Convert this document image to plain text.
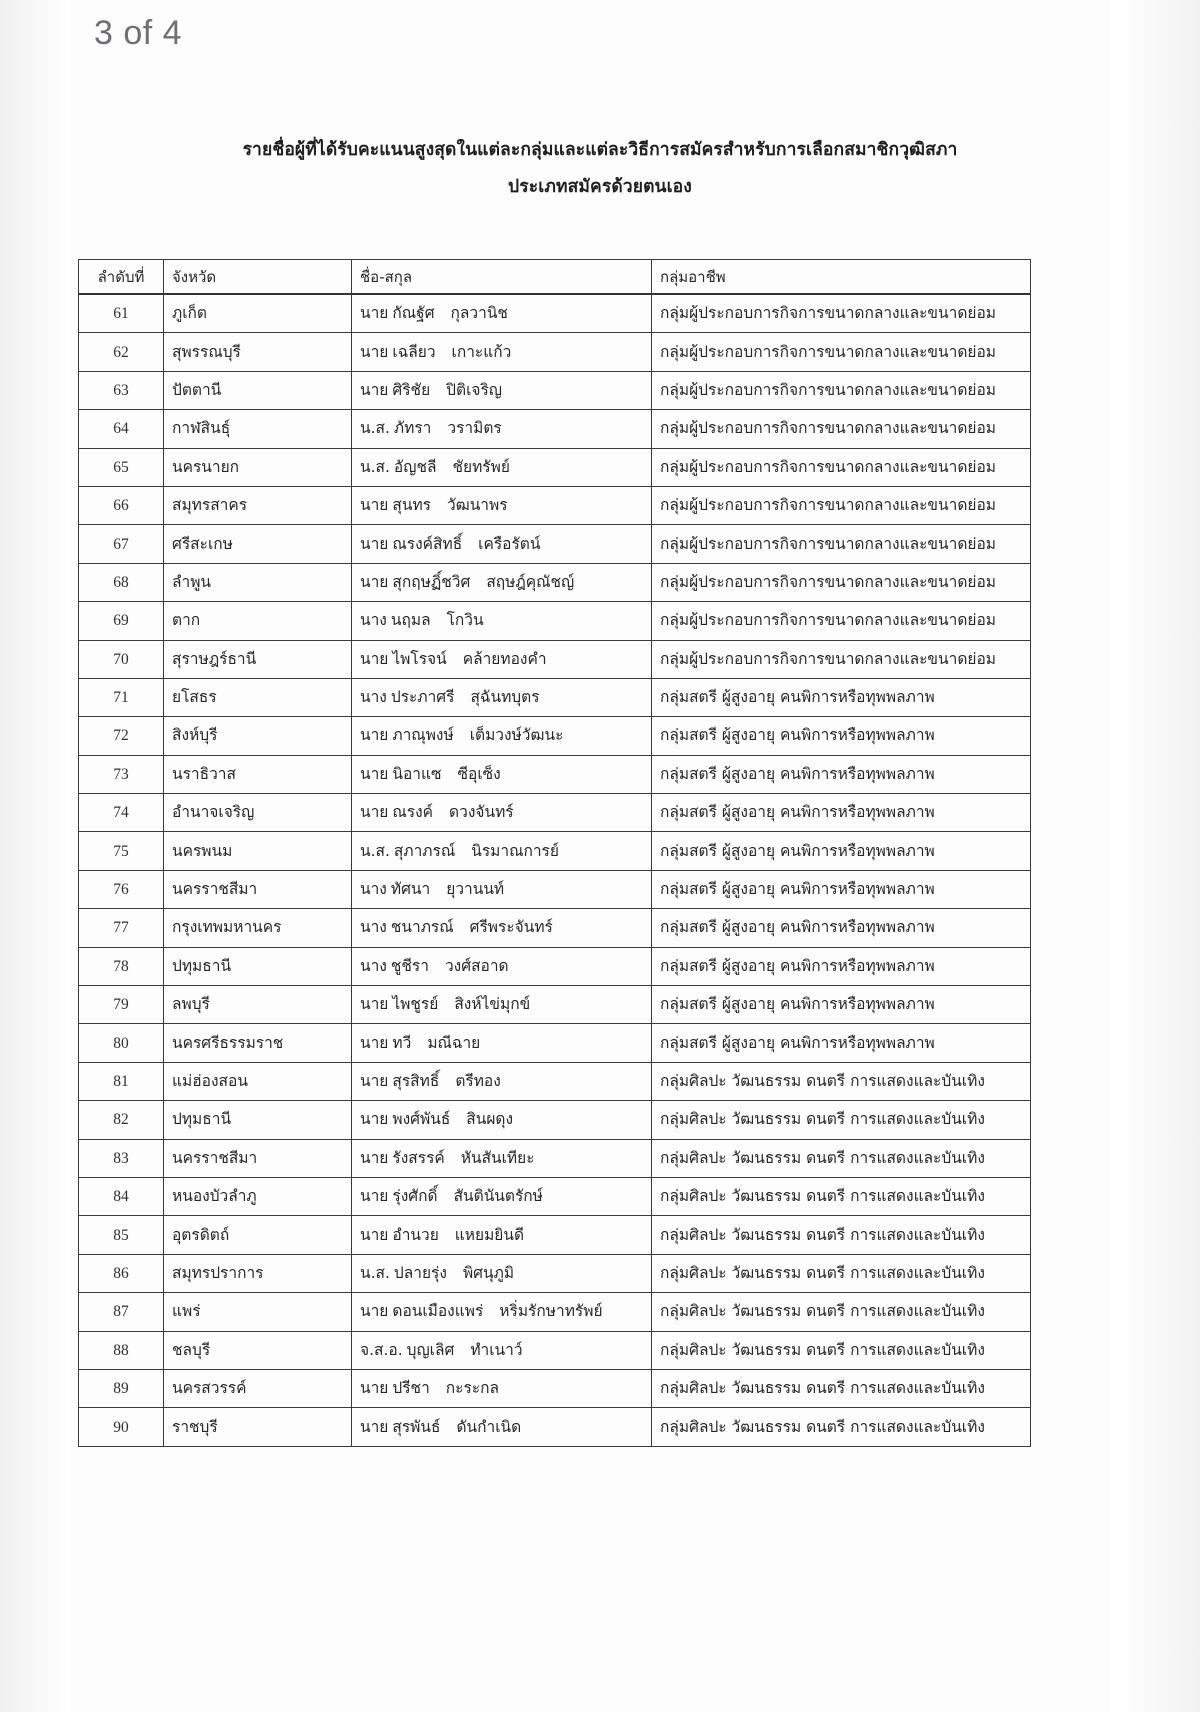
3 of 4
รายชื่อผู้ที่ได้รับคะแนนสูงสุดในแต่ละกลุ่มและแต่ละวิธีการสมัครสำหรับการเลือกสมาชิกวุฒิสภา
ประเภทสมัครด้วยตนเอง
ลำดับที่	จังหวัด	ชื่อ-สกุล	กลุ่มอาชีพ
61	ภูเก็ต	นาย กัณฐัศ กุลวานิช	กลุ่มผู้ประกอบการกิจการขนาดกลางและขนาดย่อม
62	สุพรรณบุรี	นาย เฉลียว เกาะแก้ว	กลุ่มผู้ประกอบการกิจการขนาดกลางและขนาดย่อม
63	ปัตตานี	นาย ศิริชัย ปิติเจริญ	กลุ่มผู้ประกอบการกิจการขนาดกลางและขนาดย่อม
64	กาฬสินธุ์	น.ส. ภัทรา วรามิตร	กลุ่มผู้ประกอบการกิจการขนาดกลางและขนาดย่อม
65	นครนายก	น.ส. อัญชลี ชัยทรัพย์	กลุ่มผู้ประกอบการกิจการขนาดกลางและขนาดย่อม
66	สมุทรสาคร	นาย สุนทร วัฒนาพร	กลุ่มผู้ประกอบการกิจการขนาดกลางและขนาดย่อม
67	ศรีสะเกษ	นาย ณรงค์สิทธิ์ เครือรัตน์	กลุ่มผู้ประกอบการกิจการขนาดกลางและขนาดย่อม
68	ลำพูน	นาย สุกฤษฏิ์ชวิศ สฤษฎ์คุณัชญ์	กลุ่มผู้ประกอบการกิจการขนาดกลางและขนาดย่อม
69	ตาก	นาง นฤมล โกวิน	กลุ่มผู้ประกอบการกิจการขนาดกลางและขนาดย่อม
70	สุราษฎร์ธานี	นาย ไพโรจน์ คล้ายทองคำ	กลุ่มผู้ประกอบการกิจการขนาดกลางและขนาดย่อม
71	ยโสธร	นาง ประภาศรี สุฉันทบุตร	กลุ่มสตรี ผู้สูงอายุ คนพิการหรือทุพพลภาพ
72	สิงห์บุรี	นาย ภาณุพงษ์ เต็มวงษ์วัฒนะ	กลุ่มสตรี ผู้สูงอายุ คนพิการหรือทุพพลภาพ
73	นราธิวาส	นาย นิอาแซ ซีอุเซ็ง	กลุ่มสตรี ผู้สูงอายุ คนพิการหรือทุพพลภาพ
74	อำนาจเจริญ	นาย ณรงค์ ดวงจันทร์	กลุ่มสตรี ผู้สูงอายุ คนพิการหรือทุพพลภาพ
75	นครพนม	น.ส. สุภาภรณ์ นิรมาณการย์	กลุ่มสตรี ผู้สูงอายุ คนพิการหรือทุพพลภาพ
76	นครราชสีมา	นาง ทัศนา ยุวานนท์	กลุ่มสตรี ผู้สูงอายุ คนพิการหรือทุพพลภาพ
77	กรุงเทพมหานคร	นาง ชนาภรณ์ ศรีพระจันทร์	กลุ่มสตรี ผู้สูงอายุ คนพิการหรือทุพพลภาพ
78	ปทุมธานี	นาง ชูชีรา วงศ์สอาด	กลุ่มสตรี ผู้สูงอายุ คนพิการหรือทุพพลภาพ
79	ลพบุรี	นาย ไพชูรย์ สิงห์ไข่มุกข์	กลุ่มสตรี ผู้สูงอายุ คนพิการหรือทุพพลภาพ
80	นครศรีธรรมราช	นาย ทวี มณีฉาย	กลุ่มสตรี ผู้สูงอายุ คนพิการหรือทุพพลภาพ
81	แม่ฮ่องสอน	นาย สุรสิทธิ์ ตรีทอง	กลุ่มศิลปะ วัฒนธรรม ดนตรี การแสดงและบันเทิง
82	ปทุมธานี	นาย พงศ์พันธ์ สินผดุง	กลุ่มศิลปะ วัฒนธรรม ดนตรี การแสดงและบันเทิง
83	นครราชสีมา	นาย รังสรรค์ หันสันเทียะ	กลุ่มศิลปะ วัฒนธรรม ดนตรี การแสดงและบันเทิง
84	หนองบัวลำภู	นาย รุ่งศักดิ์ สันตินันตรักษ์	กลุ่มศิลปะ วัฒนธรรม ดนตรี การแสดงและบันเทิง
85	อุตรดิตถ์	นาย อำนวย แหยมยินดี	กลุ่มศิลปะ วัฒนธรรม ดนตรี การแสดงและบันเทิง
86	สมุทรปราการ	น.ส. ปลายรุ่ง พิศนุภูมิ	กลุ่มศิลปะ วัฒนธรรม ดนตรี การแสดงและบันเทิง
87	แพร่	นาย ดอนเมืองแพร่ หริ่มรักษาทรัพย์	กลุ่มศิลปะ วัฒนธรรม ดนตรี การแสดงและบันเทิง
88	ชลบุรี	จ.ส.อ. บุญเลิศ ทำเนาว์	กลุ่มศิลปะ วัฒนธรรม ดนตรี การแสดงและบันเทิง
89	นครสวรรค์	นาย ปรีชา กะระกล	กลุ่มศิลปะ วัฒนธรรม ดนตรี การแสดงและบันเทิง
90	ราชบุรี	นาย สุรพันธ์ ดันกำเนิด	กลุ่มศิลปะ วัฒนธรรม ดนตรี การแสดงและบันเทิง
